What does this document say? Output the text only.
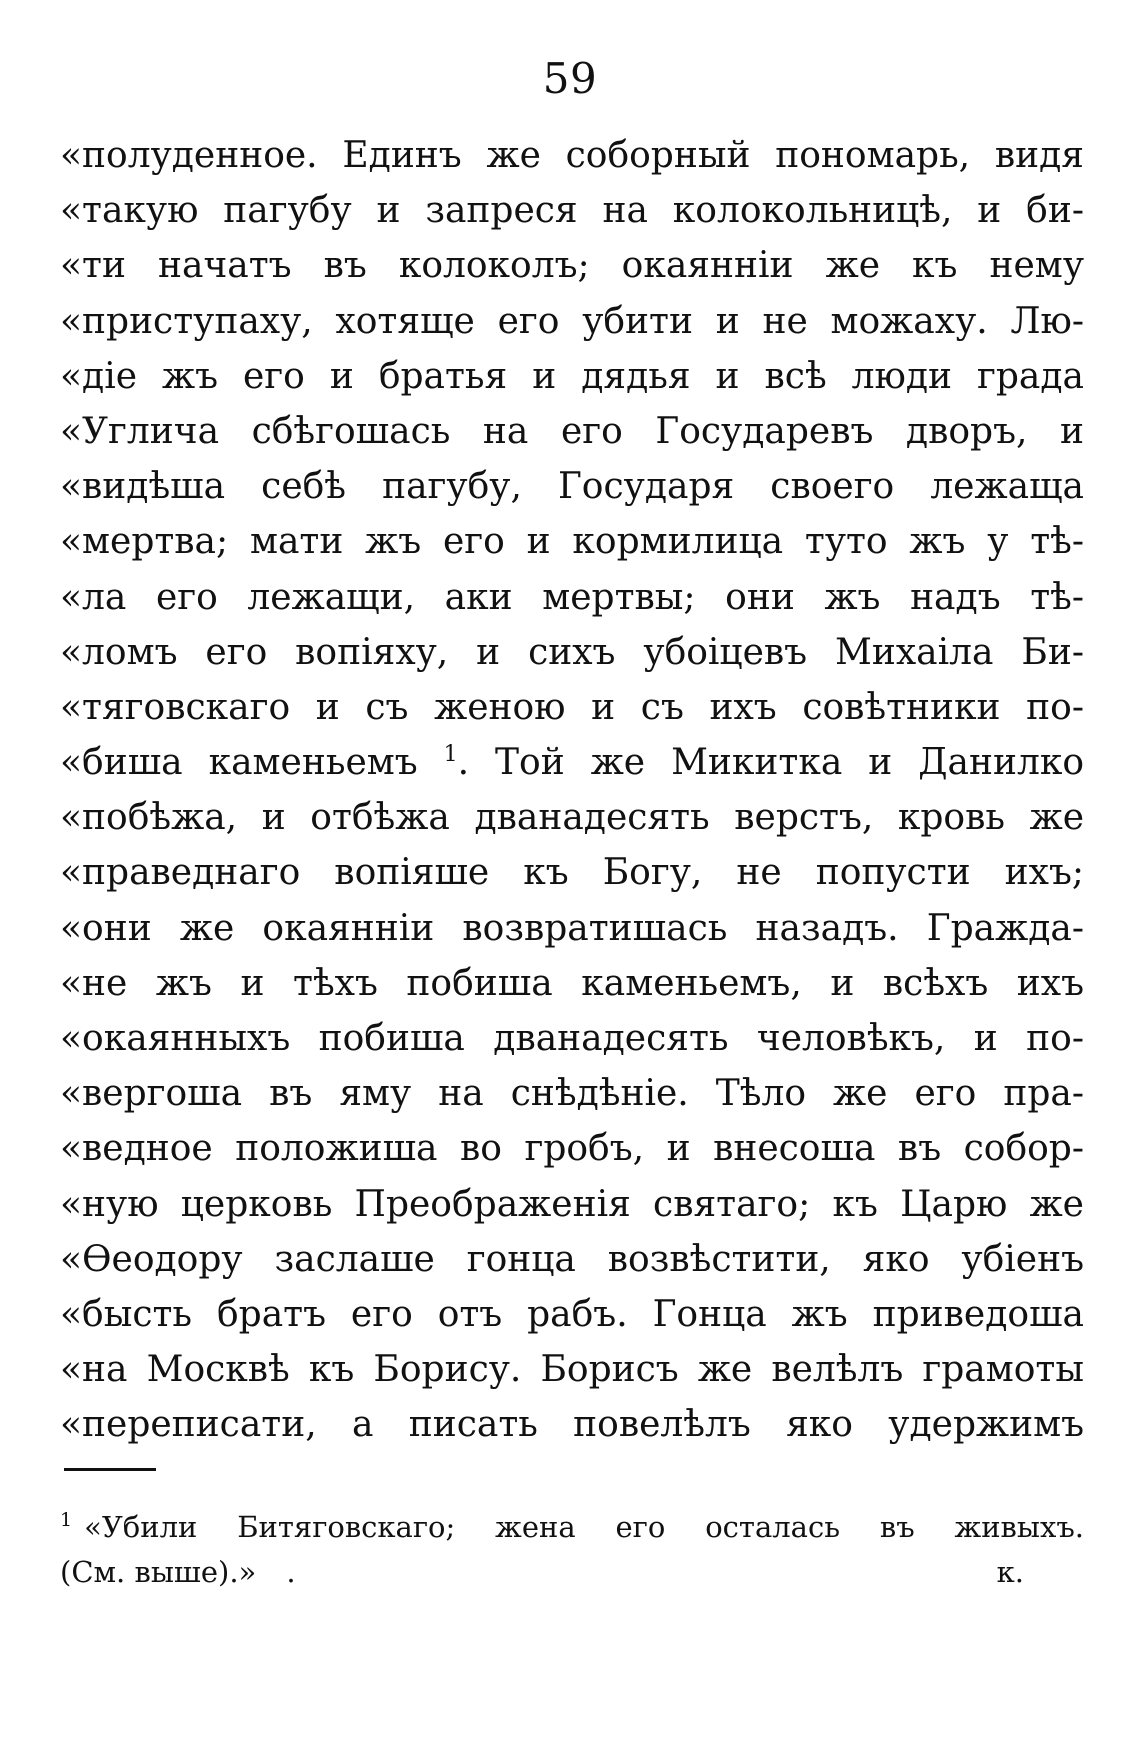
59
«полуденное. Единъ же соборный пономарь, видя
«такую пагубу и запреся на колокольницѣ, и би-
«ти начатъ въ колоколъ; окаяннiи же къ нему
«приступаху, хотяще его убити и не можаху. Лю-
«дiе жъ его и братья и дядья и всѣ люди града
«Углича сбѣгошась на его Государевъ дворъ, и
«видѣша себѣ пагубу, Государя своего лежаща
«мертва; мати жъ его и кормилица туто жъ у тѣ-
«ла его лежащи, аки мертвы; они жъ надъ тѣ-
«ломъ его вопiяху, и сихъ убоiцевъ Михаiла Би-
«тяговскаго и съ женою и съ ихъ совѣтники по-
«биша каменьемъ $^1$. Той же Микитка и Данилко
«побѣжа, и отбѣжа дванадесять верстъ, кровь же
«праведнаго вопiяше къ Богу, не попусти ихъ;
«они же окаяннiи возвратишась назадъ. Гражда-
«не жъ и тѣхъ побиша каменьемъ, и всѣхъ ихъ
«окаянныхъ побиша дванадесять человѣкъ, и по-
«вергоша въ яму на снѣдѣнiе. Тѣло же его пра-
«ведное положиша во гробъ, и внесоша въ собор-
«ную церковь Преображенiя святаго; къ Царю же
«Өеодору заслаше гонца возвѣстити, яко убiенъ
«бысть братъ его отъ рабъ. Гонца жъ приведоша
«на Москвѣ къ Борису. Борисъ же велѣлъ грамоты
«переписати, а писать повелѣлъ яко удержимъ
$^1$ «Убили Битяговскаго; жена его осталась въ живыхъ.
(См. выше).» .	к.
